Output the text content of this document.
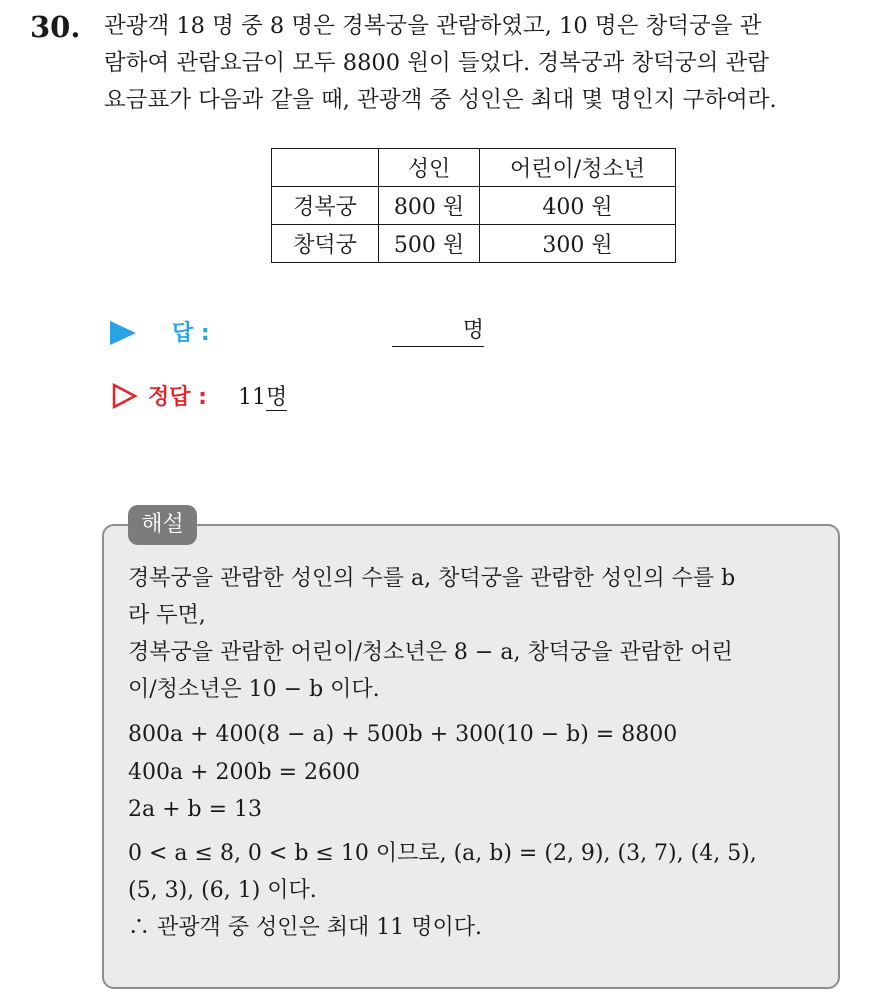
30. 관광객 18 명 중 8 명은 경복궁을 관람하였고, 10 명은 창덕궁을 관
람하여 관람요금이 모두 8800 원이 들었다. 경복궁과 창덕궁의 관람
요금표가 다음과 같을 때, 관광객 중 성인은 최대 몇 명인지 구하여라.
	성인	어린이/청소년
경복궁	800 원	400 원
창덕궁	500 원	300 원
답 :	명
정답 : 11명
해설
경복궁을 관람한 성인의 수를 a, 창덕궁을 관람한 성인의 수를 b
라 두면,
경복궁을 관람한 어린이/청소년은 8 − a, 창덕궁을 관람한 어린
이/청소년은 10 − b 이다.
800a + 400(8 − a) + 500b + 300(10 − b) = 8800
400a + 200b = 2600
2a + b = 13
0 < a ≤ 8, 0 < b ≤ 10 이므로, (a, b) = (2, 9), (3, 7), (4, 5),
(5, 3), (6, 1) 이다.
∴ 관광객 중 성인은 최대 11 명이다.
